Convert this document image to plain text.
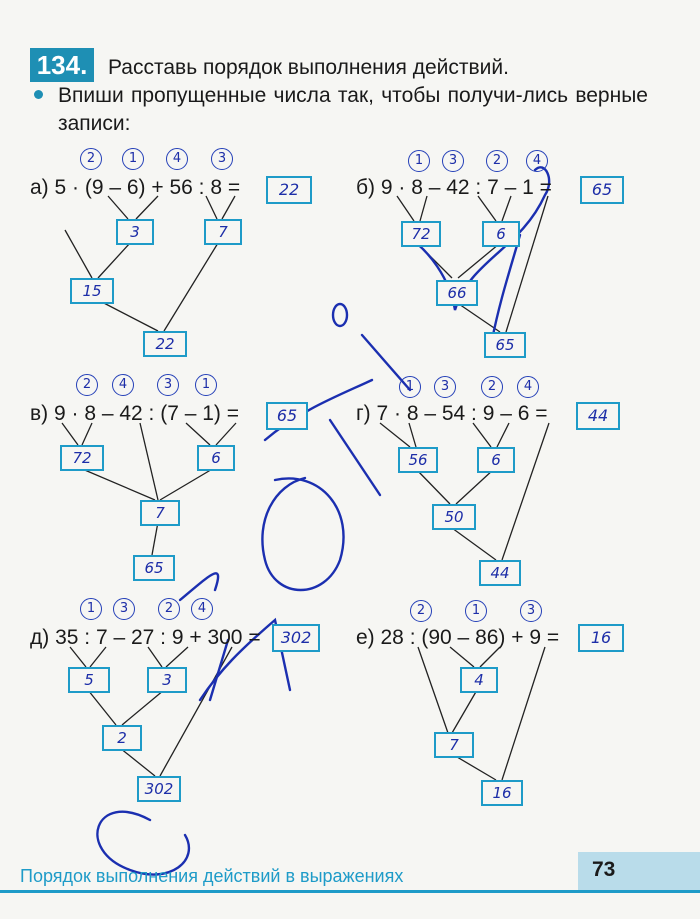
134. Расставь порядок выполнения действий.
Впиши пропущенные числа так, чтобы получи-лись верные записи:
а) 5 · (9 – 6) + 56 : 8 =	22
2	1	4	3
3	7
15
22
б) 9 · 8 – 42 : 7 – 1 =	65
1	3	2	4
72	6
66
65
в) 9 · 8 – 42 : (7 – 1) =	65
2	4	3	1
72	6
7
65
г) 7 · 8 – 54 : 9 – 6 =	44
1	3	2	4
56	6
50
44
д) 35 : 7 – 27 : 9 + 300 =	302
1	3	2	4
5	3
2
302
е) 28 : (90 – 86) + 9 =	16
2	1	3
4
7
16
73
Порядок выполнения действий в выражениях
